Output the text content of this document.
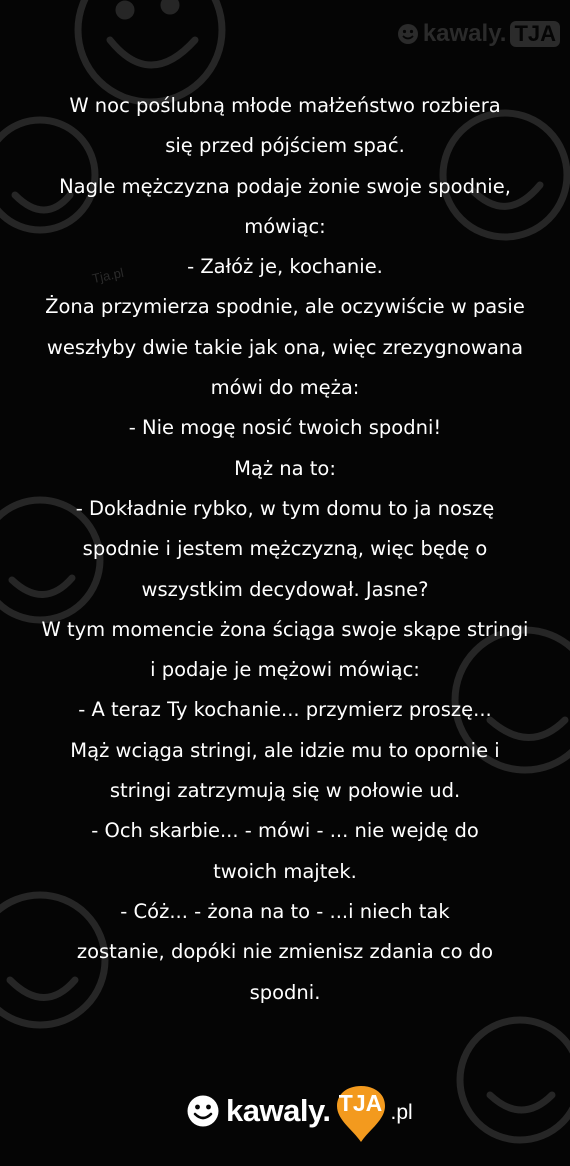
kawaly. TJA
Tja.pl
W noc poślubną młode małżeństwo rozbiera
się przed pójściem spać.
Nagle mężczyzna podaje żonie swoje spodnie,
mówiąc:
- Załóż je, kochanie.
Żona przymierza spodnie, ale oczywiście w pasie
weszłyby dwie takie jak ona, więc zrezygnowana
mówi do męża:
- Nie mogę nosić twoich spodni!
Mąż na to:
- Dokładnie rybko, w tym domu to ja noszę
spodnie i jestem mężczyzną, więc będę o
wszystkim decydował. Jasne?
W tym momencie żona ściąga swoje skąpe stringi
i podaje je mężowi mówiąc:
- A teraz Ty kochanie... przymierz proszę...
Mąż wciąga stringi, ale idzie mu to opornie i
stringi zatrzymują się w połowie ud.
- Och skarbie... - mówi - ... nie wejdę do
twoich majtek.
- Cóż... - żona na to - ...i niech tak
zostanie, dopóki nie zmienisz zdania co do
spodni.
kawaly. TJA .pl
